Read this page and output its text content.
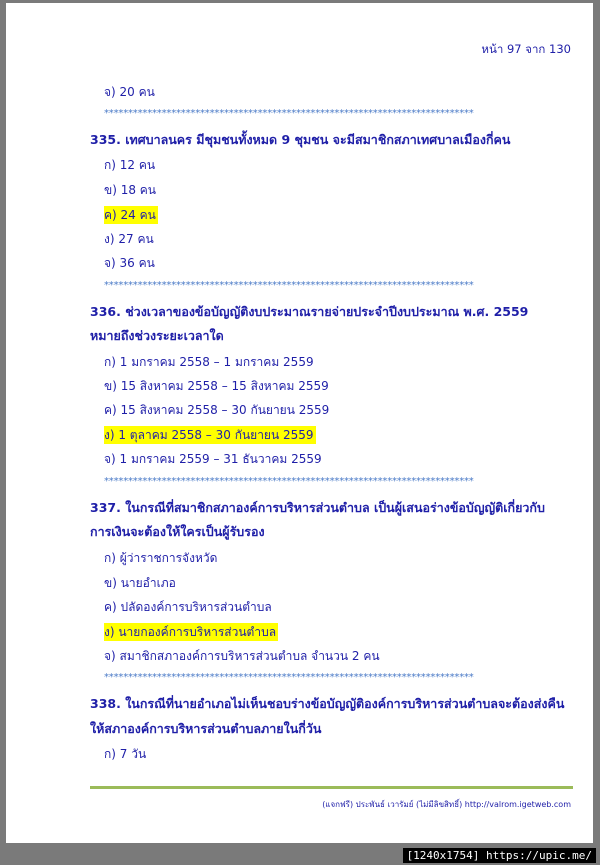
หน้า 97 จาก 130
จ) 20 คน
*****************************************************************************
335. เทศบาลนคร มีชุมชนทั้งหมด 9 ชุมชน จะมีสมาชิกสภาเทศบาลเมืองกี่คน
ก) 12 คน
ข) 18 คน
ค) 24 คน
ง) 27 คน
จ) 36 คน
*****************************************************************************
336. ช่วงเวลาของข้อบัญญัติงบประมาณรายจ่ายประจำปีงบประมาณ พ.ศ. 2559
หมายถึงช่วงระยะเวลาใด
ก) 1 มกราคม 2558 – 1 มกราคม 2559
ข) 15 สิงหาคม 2558 – 15 สิงหาคม 2559
ค) 15 สิงหาคม 2558 – 30 กันยายน 2559
ง) 1 ตุลาคม 2558 – 30 กันยายน 2559
จ) 1 มกราคม 2559 – 31 ธันวาคม 2559
*****************************************************************************
337. ในกรณีที่สมาชิกสภาองค์การบริหารส่วนตำบล เป็นผู้เสนอร่างข้อบัญญัติเกี่ยวกับ
การเงินจะต้องให้ใครเป็นผู้รับรอง
ก) ผู้ว่าราชการจังหวัด
ข) นายอำเภอ
ค) ปลัดองค์การบริหารส่วนตำบล
ง) นายกองค์การบริหารส่วนตำบล
จ) สมาชิกสภาองค์การบริหารส่วนตำบล จำนวน 2 คน
*****************************************************************************
338. ในกรณีที่นายอำเภอไม่เห็นชอบร่างข้อบัญญัติองค์การบริหารส่วนตำบลจะต้องส่งคืน
ให้สภาองค์การบริหารส่วนตำบลภายในกี่วัน
ก) 7 วัน
(แจกฟรี) ประพันธ์ เวารัมย์ (ไม่มีลิขสิทธิ์) http://valrom.igetweb.com
[1240x1754] https://upic.me/
